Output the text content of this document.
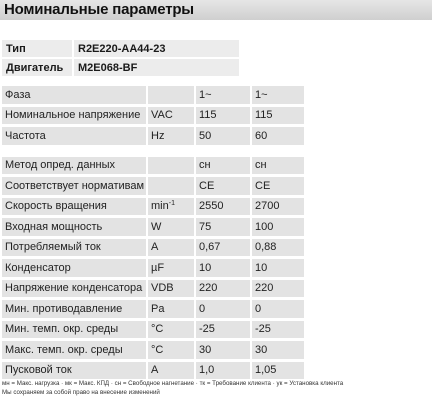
Номинальные параметры
Тип	R2E220-AA44-23
Двигатель	M2E068-BF
Фаза		1~	1~
Номинальное напряжение	VAC	115	115
Частота	Hz	50	60

Метод опред. данных		сн	сн
Соответствует нормативам		CE	CE
Скорость вращения	$\min^{-1}$	2550	2700
Входная мощность	W	75	100
Потребляемый ток	A	0,67	0,88
Конденсатор	µF	10	10
Напряжение конденсатора	VDB	220	220
Мин. противодавление	Pa	0	0
Мин. темп. окр. среды	°C	-25	-25
Макс. темп. окр. среды	°C	30	30
Пусковой ток	A	1,0	1,05
мн = Макс. нагрузка · мк = Макс. КПД · сн = Свободное нагнетание · тк = Требование клиента · ук = Установка клиента
Мы сохраняем за собой право на внесение изменений
